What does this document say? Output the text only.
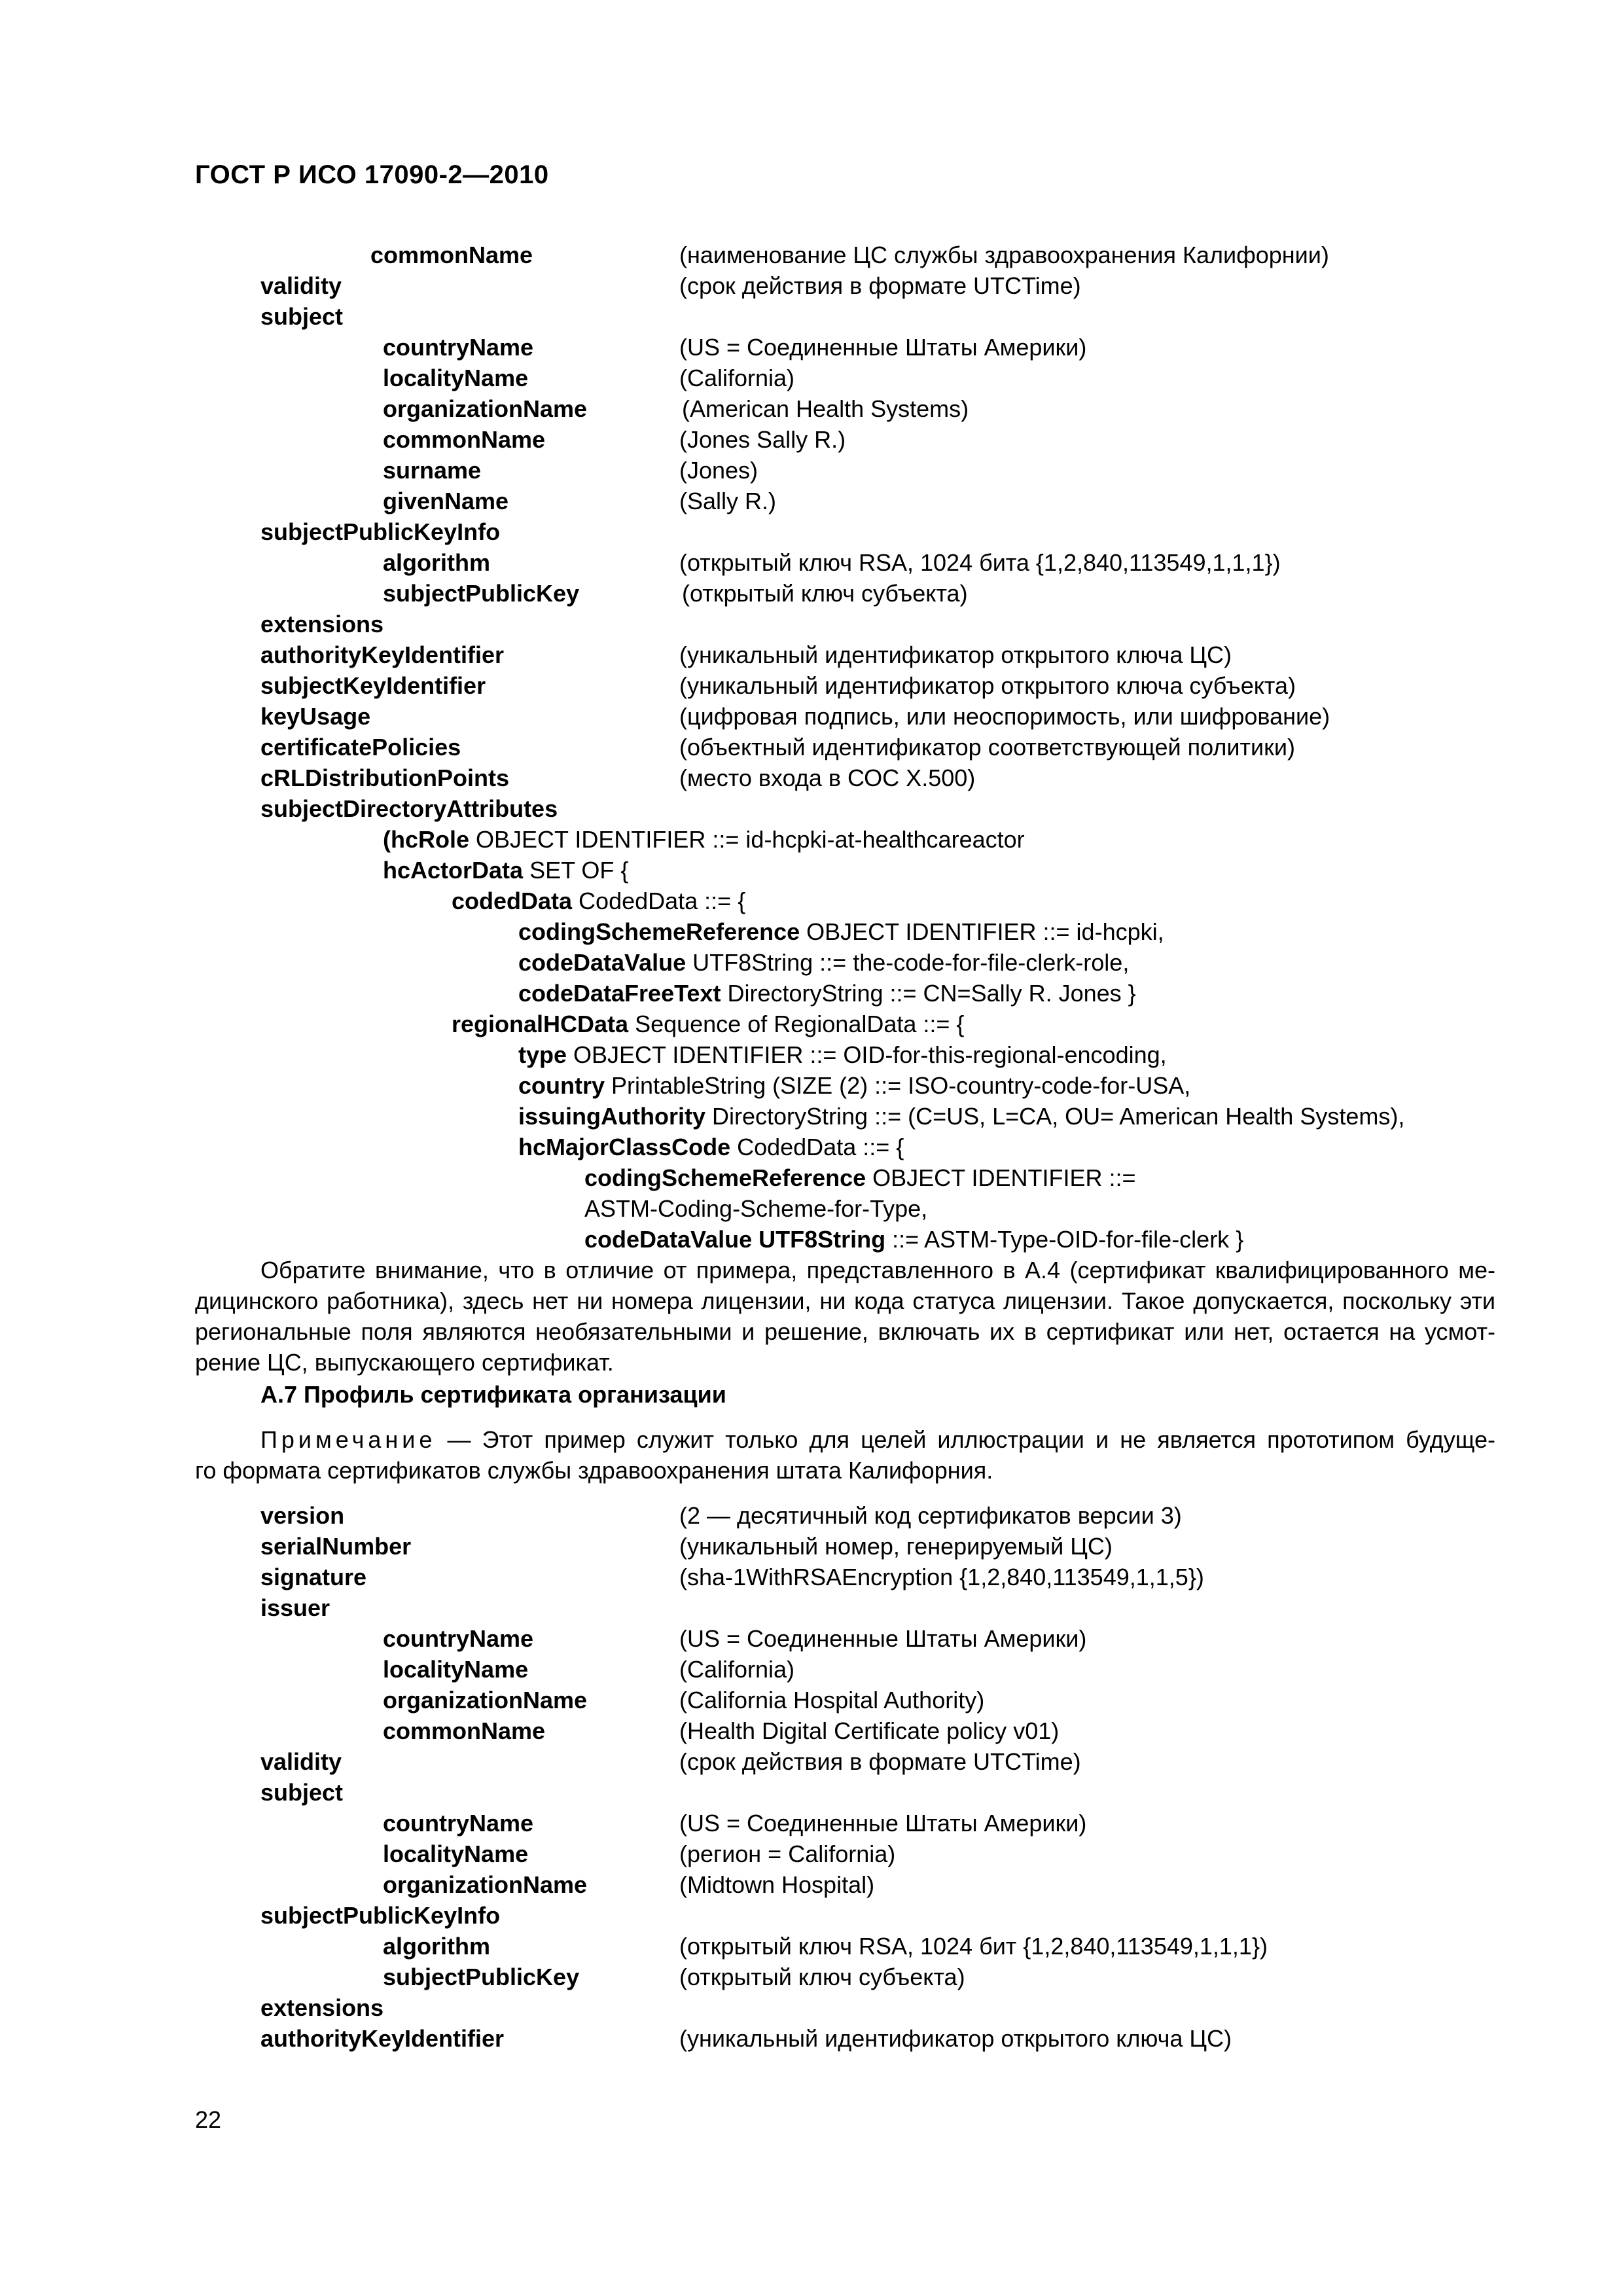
ГОСТ Р ИСО 17090-2—2010
commonName	(наименование ЦС службы здравоохранения Калифорнии)
validity	(срок действия в формате UTCTime)
subject
countryName	(US = Соединенные Штаты Америки)
localityName	(California)
organizationName	(American Health Systems)
commonName	(Jones Sally R.)
surname	(Jones)
givenName	(Sally R.)
subjectPublicKeyInfo
algorithm	(открытый ключ RSA, 1024 бита {1,2,840,113549,1,1,1})
subjectPublicKey	(открытый ключ субъекта)
extensions
authorityKeyIdentifier	(уникальный идентификатор открытого ключа ЦС)
subjectKeyIdentifier	(уникальный идентификатор открытого ключа субъекта)
keyUsage	(цифровая подпись, или неоспоримость, или шифрование)
certificatePolicies	(объектный идентификатор соответствующей политики)
cRLDistributionPoints	(место входа в СОС X.500)
subjectDirectoryAttributes
(hcRole OBJECT IDENTIFIER ::= id-hcpki-at-healthcareactor
hcActorData SET OF {
codedData CodedData ::= {
codingSchemeReference OBJECT IDENTIFIER ::= id-hcpki,
codeDataValue UTF8String ::= the-code-for-file-clerk-role,
codeDataFreeText DirectoryString ::= CN=Sally R. Jones }
regionalHCData Sequence of RegionalData ::= {
type OBJECT IDENTIFIER ::= OID-for-this-regional-encoding,
country PrintableString (SIZE (2) ::= ISO-country-code-for-USA,
issuingAuthority DirectoryString ::= (C=US, L=CA, OU= American Health Systems),
hcMajorClassCode CodedData ::= {
codingSchemeReference OBJECT IDENTIFIER ::=
ASTM-Coding-Scheme-for-Type,
codeDataValue UTF8String ::= ASTM-Type-OID-for-file-clerk }
Обратите внимание, что в отличие от примера, представленного в А.4 (сертификат квалифицированного ме-
дицинского работника), здесь нет ни номера лицензии, ни кода статуса лицензии. Такое допускается, поскольку эти
региональные поля являются необязательными и решение, включать их в сертификат или нет, остается на усмот-
рение ЦС, выпускающего сертификат.
А.7 Профиль сертификата организации
Примечание — Этот пример служит только для целей иллюстрации и не является прототипом будуще-
го формата сертификатов службы здравоохранения штата Калифорния.
version	(2 — десятичный код сертификатов версии 3)
serialNumber	(уникальный номер, генерируемый ЦС)
signature	(sha-1WithRSAEncryption {1,2,840,113549,1,1,5})
issuer
countryName	(US = Соединенные Штаты Америки)
localityName	(California)
organizationName	(California Hospital Authority)
commonName	(Health Digital Certificate policy v01)
validity	(срок действия в формате UTCTime)
subject
countryName	(US = Соединенные Штаты Америки)
localityName	(регион = California)
organizationName	(Midtown Hospital)
subjectPublicKeyInfo
algorithm	(открытый ключ RSA, 1024 бит {1,2,840,113549,1,1,1})
subjectPublicKey	(открытый ключ субъекта)
extensions
authorityKeyIdentifier	(уникальный идентификатор открытого ключа ЦС)
22
